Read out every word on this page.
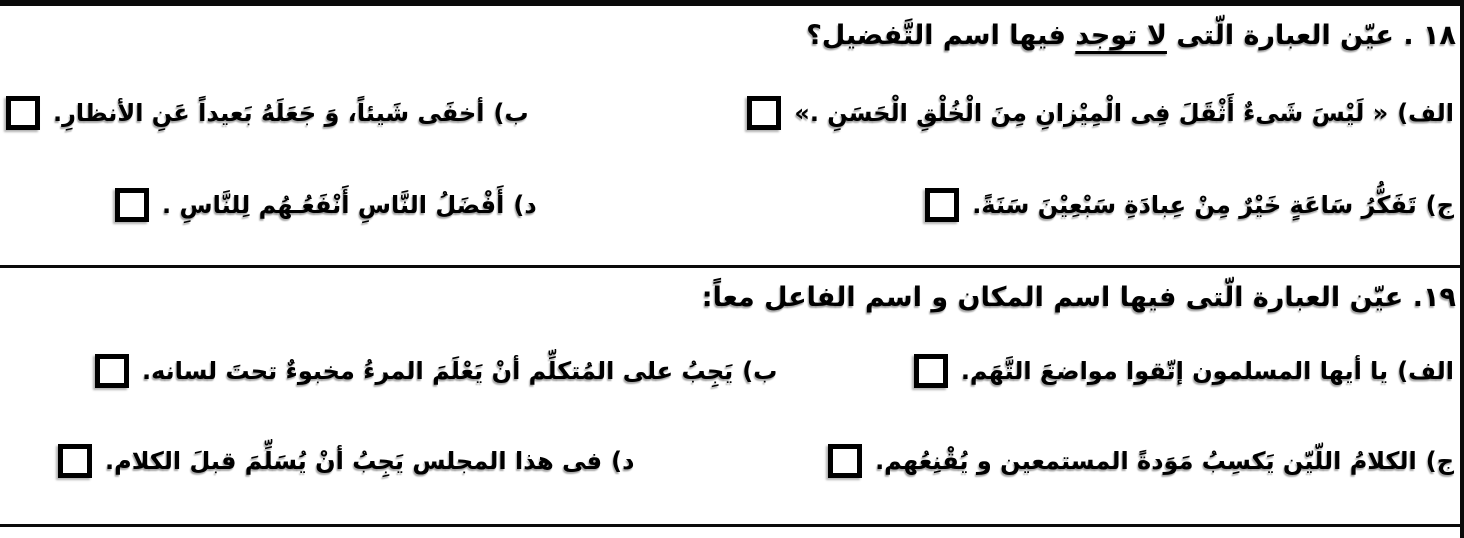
١٨ . عيّن العبارة الّتى لا توجد فيها اسم التَّفضيل؟
الف)
« لَيْسَ شَىءٌ أَثْقَلَ فِى الْمِيْزانِ مِنَ الْخُلْقِ الْحَسَنِ .»
ب)
أخفَى شَيئاً، وَ جَعَلَهُ بَعيداً عَنِ الأنظارِ.
ج)
تَفَكُّرُ سَاعَةٍ خَيْرٌ مِنْ عِبادَةِ سَبْعِيْنَ سَنَةً.
د)
أَفْضَلُ النَّاسِ أَنْفَعُـهُم لِلنَّاسِ .
١٩. عيّن العبارة الّتى فيها اسم المكان و اسم الفاعل معاً:
الف)
يا أيها المسلمون إتّقوا مواضعَ التَّهَم.
ب)
يَجِبُ على المُتكلِّم أنْ يَعْلَمَ المرءُ مخبوءٌ تحتَ لسانه.
ج)
الكلامُ اللّيّن يَكسِبُ مَوَدةً المستمعين و يُقْنِعُهم.
د)
فى هذا المجلس يَجِبُ أنْ يُسَلِّمَ قبلَ الكلام.
